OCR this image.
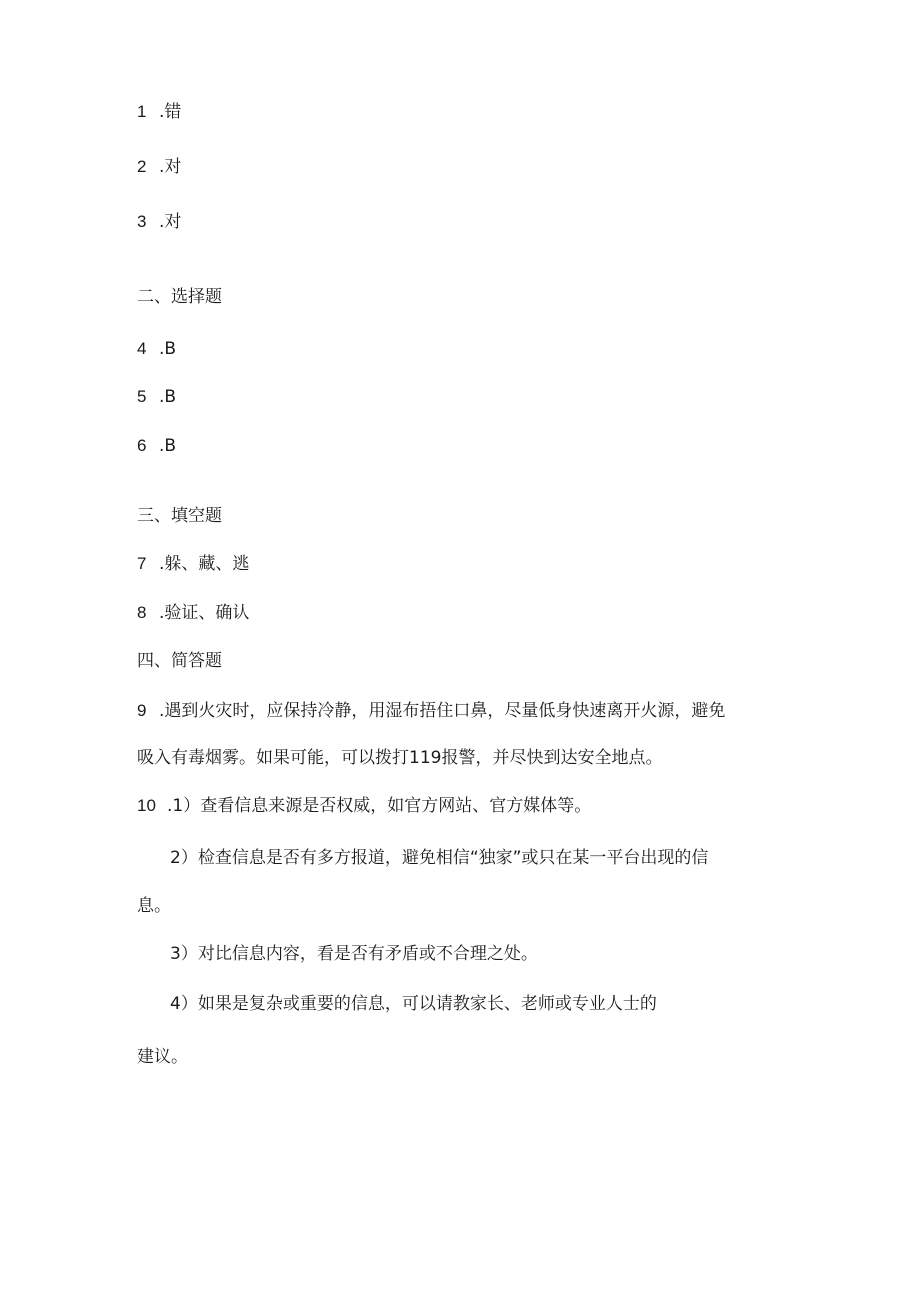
1 .错
2 .对
3 .对
二、选择题
4 .B
5 .B
6 .B
三、填空题
7 .躲、藏、逃
8 .验证、确认
四、简答题
9 .遇到火灾时，应保持冷静，用湿布捂住口鼻，尽量低身快速离开火源，避免
吸入有毒烟雾。如果可能，可以拨打119报警，并尽快到达安全地点。
10 .1）查看信息来源是否权威，如官方网站、官方媒体等。
2）检查信息是否有多方报道，避免相信“独家”或只在某一平台出现的信
息。
3）对比信息内容，看是否有矛盾或不合理之处。
4）如果是复杂或重要的信息，可以请教家长、老师或专业人士的
建议。
